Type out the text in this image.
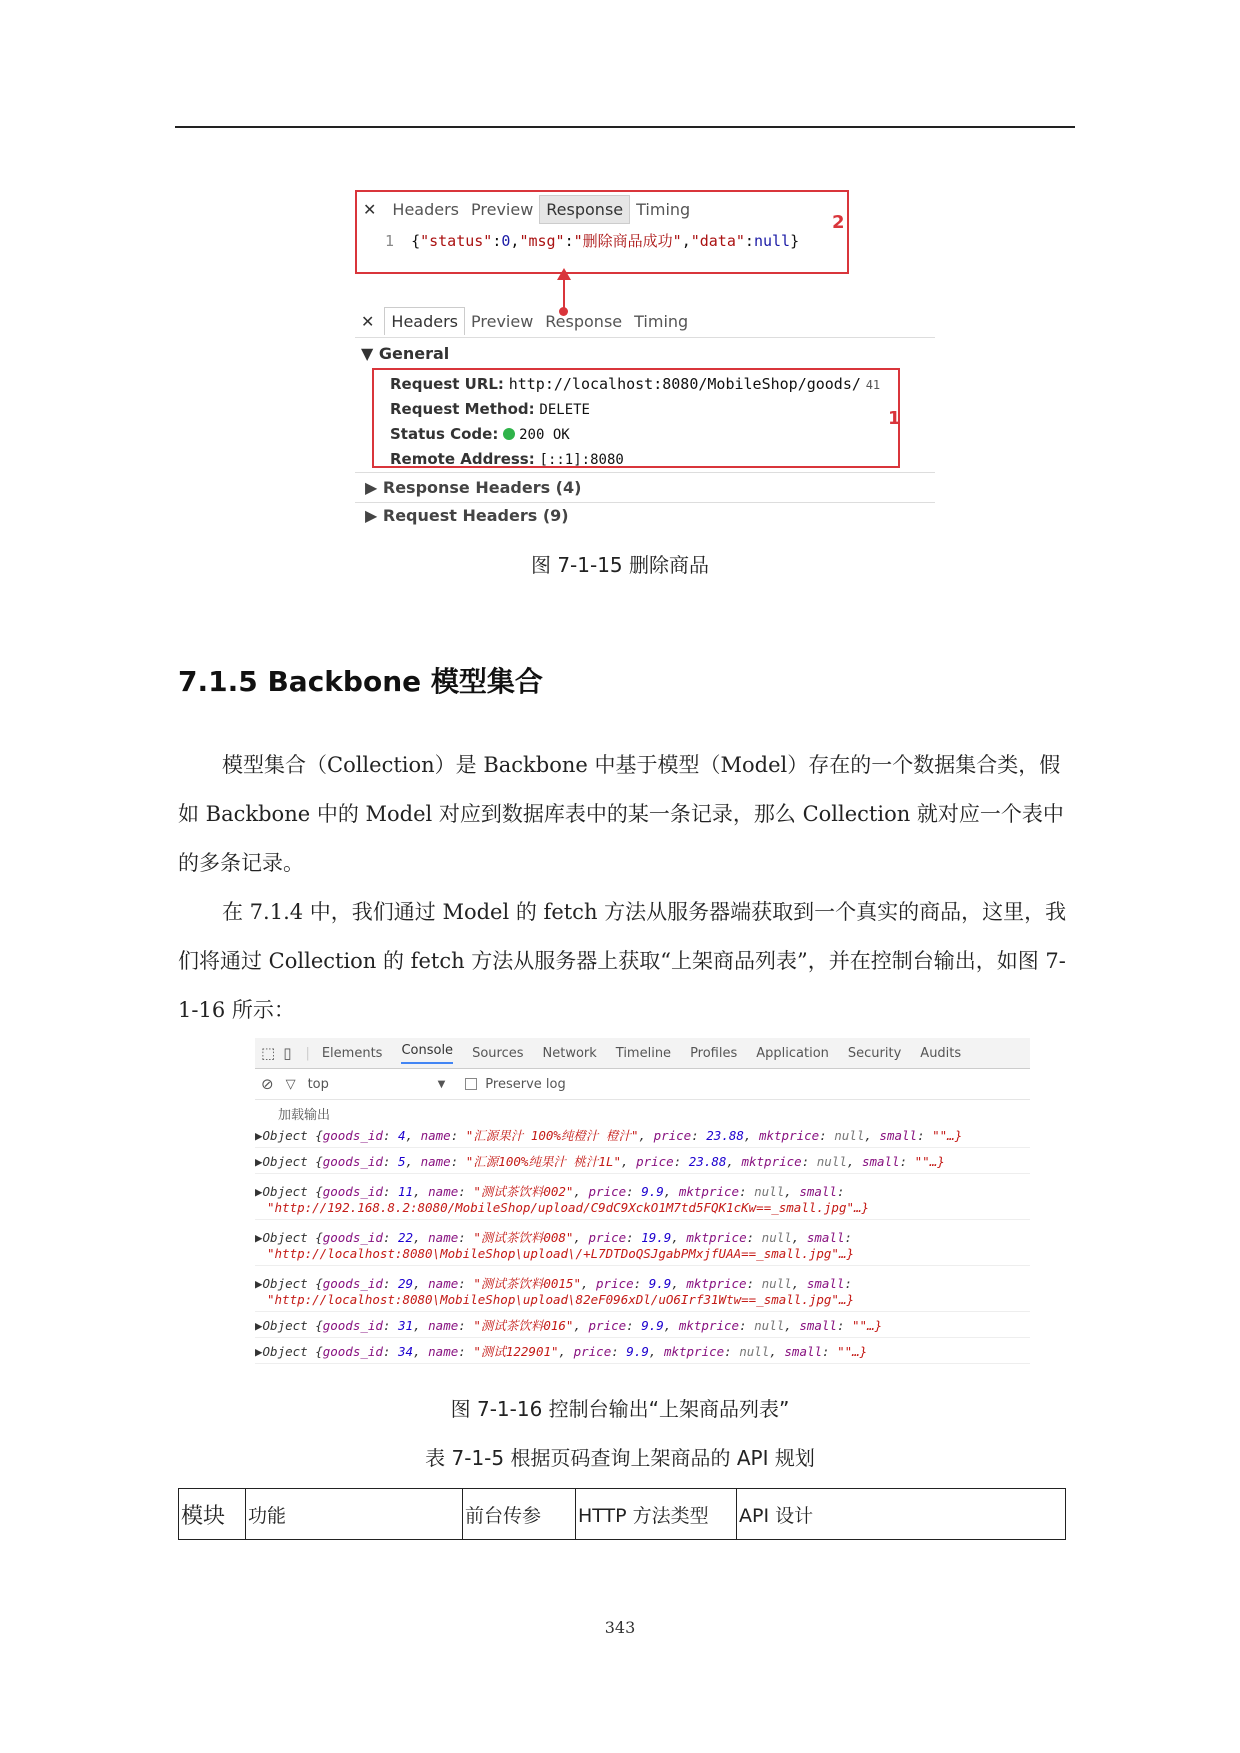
✕	Headers Preview Response Timing
1 {"status":0,"msg":"删除商品成功","data":null}
2
✕	Headers Preview Response Timing
▼ General
Request URL: http://localhost:8080/MobileShop/goods/ 41
Request Method: DELETE
Status Code: 200 OK
Remote Address: [::1]:8080
1
▶ Response Headers (4)
▶ Request Headers (9)
图 7-1-15 删除商品
7.1.5 Backbone 模型集合
模型集合（Collection）是 Backbone 中基于模型（Model）存在的一个数据集合类，假如 Backbone 中的 Model 对应到数据库表中的某一条记录，那么 Collection 就对应一个表中的多条记录。
在 7.1.4 中，我们通过 Model 的 fetch 方法从服务器端获取到一个真实的商品，这里，我们将通过 Collection 的 fetch 方法从服务器上获取“上架商品列表”，并在控制台输出，如图 7-1-16 所示：
⬚ ▯ | Elements Console Sources Network Timeline Profiles Application Security Audits
⊘ ▽ top	▼	Preserve log
加载输出
▶Object {goods_id: 4, name: "汇源果汁 100%纯橙汁 橙汁", price: 23.88, mktprice: null, small: ""…}
▶Object {goods_id: 5, name: "汇源100%纯果汁 桃汁1L", price: 23.88, mktprice: null, small: ""…}
▶Object {goods_id: 11, name: "测试茶饮料002", price: 9.9, mktprice: null, small:
"http://192.168.8.2:8080/MobileShop/upload/C9dC9XckO1M7td5FQK1cKw==_small.jpg"…}
▶Object {goods_id: 22, name: "测试茶饮料008", price: 19.9, mktprice: null, small:
"http://localhost:8080\MobileShop\upload\/+L7DTDoQSJgabPMxjfUAA==_small.jpg"…}
▶Object {goods_id: 29, name: "测试茶饮料0015", price: 9.9, mktprice: null, small:
"http://localhost:8080\MobileShop\upload\82eF096xDl/uO6Irf31Wtw==_small.jpg"…}
▶Object {goods_id: 31, name: "测试茶饮料016", price: 9.9, mktprice: null, small: ""…}
▶Object {goods_id: 34, name: "测试122901", price: 9.9, mktprice: null, small: ""…}
图 7-1-16 控制台输出“上架商品列表”
表 7-1-5 根据页码查询上架商品的 API 规划
模块	功能	前台传参	HTTP 方法类型	API 设计
343
